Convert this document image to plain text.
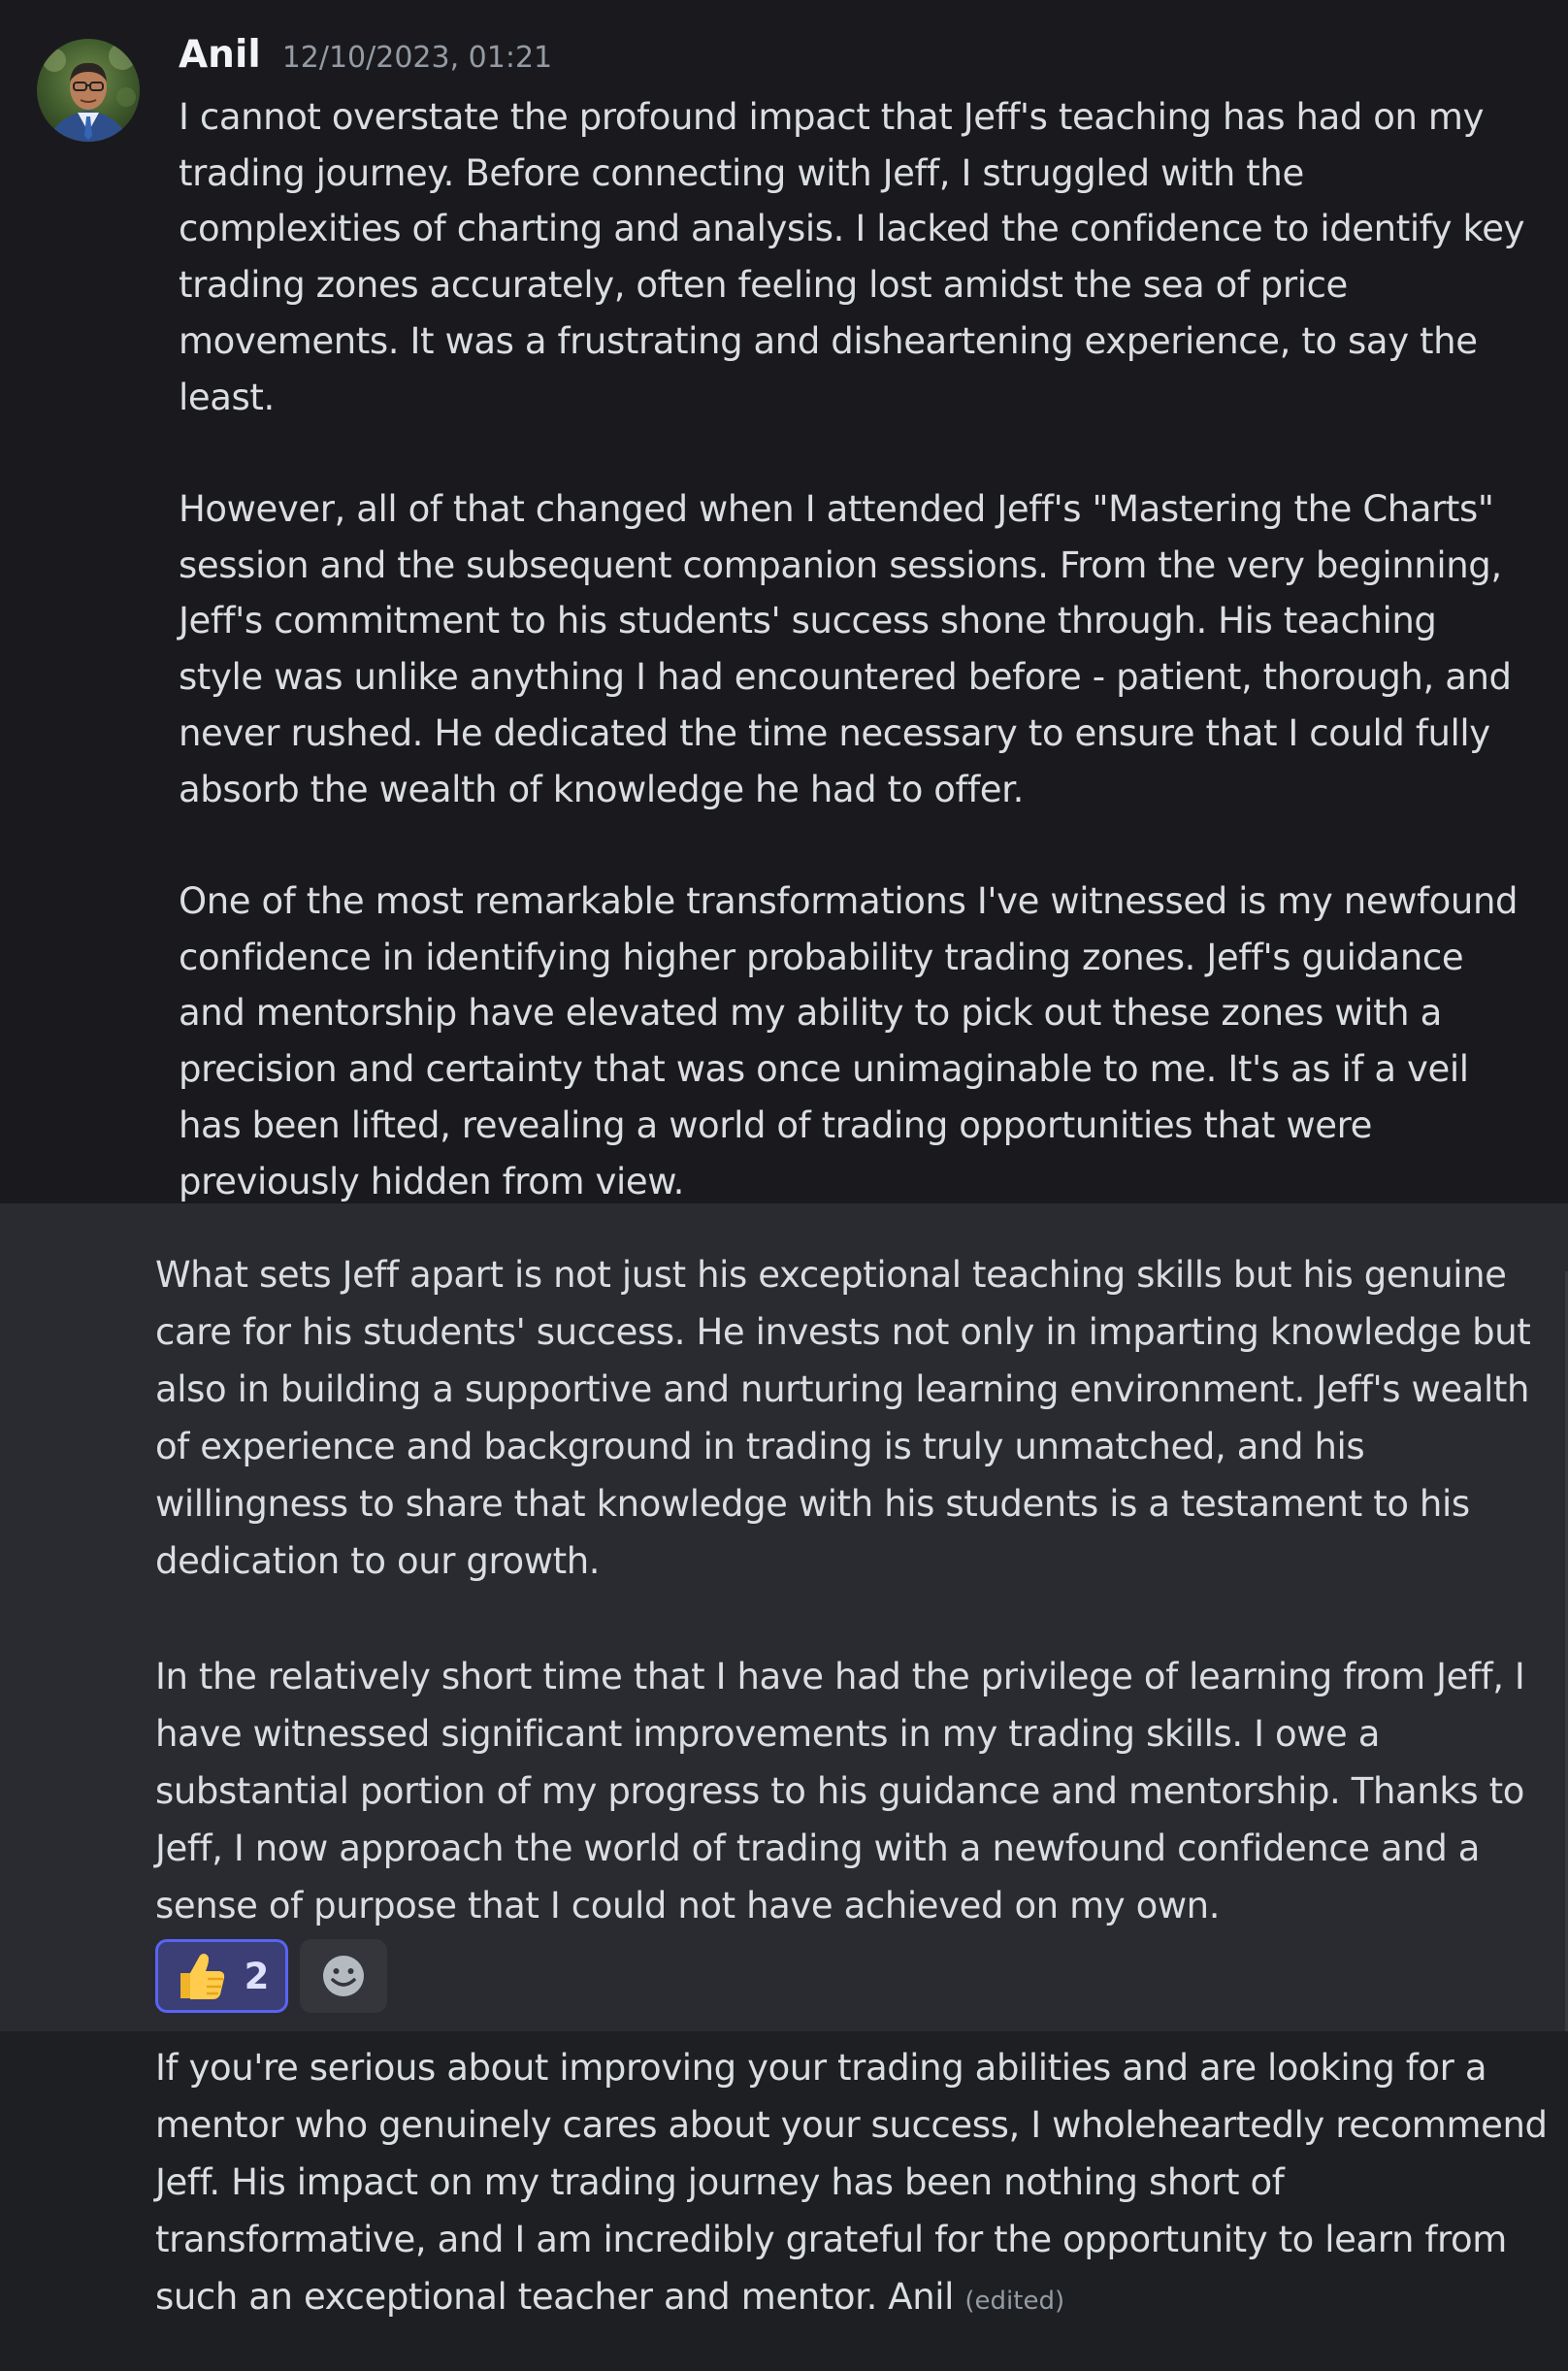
Anil 12/10/2023, 01:21

I cannot overstate the profound impact that Jeff's teaching has had on my trading journey. Before connecting with Jeff, I struggled with the complexities of charting and analysis. I lacked the confidence to identify key trading zones accurately, often feeling lost amidst the sea of price movements. It was a frustrating and disheartening experience, to say the least.

However, all of that changed when I attended Jeff's "Mastering the Charts" session and the subsequent companion sessions. From the very beginning, Jeff's commitment to his students' success shone through. His teaching style was unlike anything I had encountered before - patient, thorough, and never rushed. He dedicated the time necessary to ensure that I could fully absorb the wealth of knowledge he had to offer.

One of the most remarkable transformations I've witnessed is my newfound confidence in identifying higher probability trading zones. Jeff's guidance and mentorship have elevated my ability to pick out these zones with a precision and certainty that was once unimaginable to me. It's as if a veil has been lifted, revealing a world of trading opportunities that were previously hidden from view.

What sets Jeff apart is not just his exceptional teaching skills but his genuine care for his students' success. He invests not only in imparting knowledge but also in building a supportive and nurturing learning environment. Jeff's wealth of experience and background in trading is truly unmatched, and his willingness to share that knowledge with his students is a testament to his dedication to our growth.

In the relatively short time that I have had the privilege of learning from Jeff, I have witnessed significant improvements in my trading skills. I owe a substantial portion of my progress to his guidance and mentorship. Thanks to Jeff, I now approach the world of trading with a newfound confidence and a sense of purpose that I could not have achieved on my own.

2

If you're serious about improving your trading abilities and are looking for a mentor who genuinely cares about your success, I wholeheartedly recommend Jeff. His impact on my trading journey has been nothing short of transformative, and I am incredibly grateful for the opportunity to learn from such an exceptional teacher and mentor. Anil (edited)
